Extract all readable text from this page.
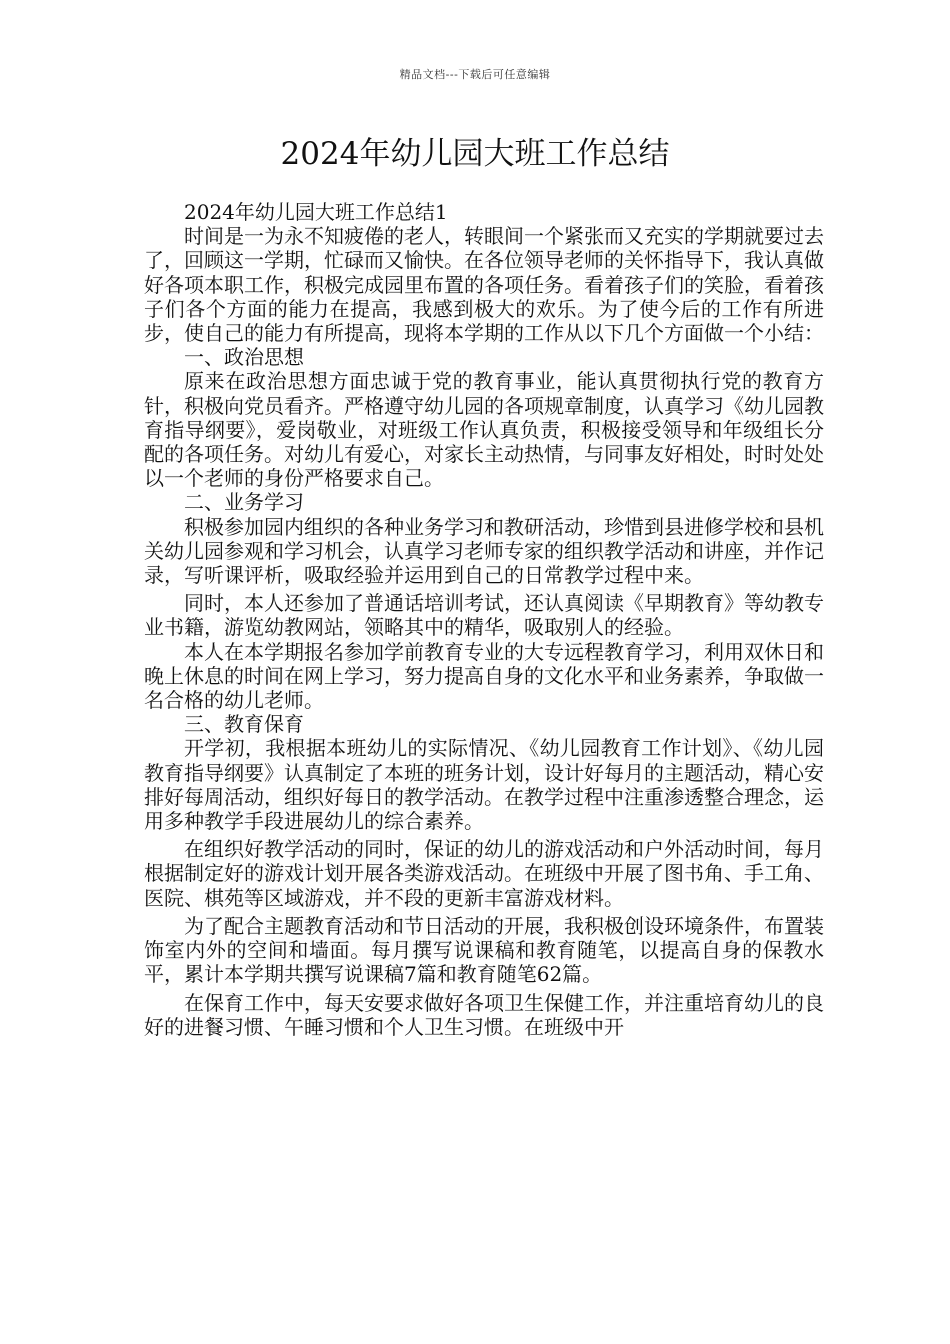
精品文档---下载后可任意编辑
2024年幼儿园大班工作总结

2024年幼儿园大班工作总结1

时间是一为永不知疲倦的老人，转眼间一个紧张而又充实的学期就要过去了，回顾这一学期，忙碌而又愉快。在各位领导老师的关怀指导下，我认真做好各项本职工作，积极完成园里布置的各项任务。看着孩子们的笑脸，看着孩子们各个方面的能力在提高，我感到极大的欢乐。为了使今后的工作有所进步，使自己的能力有所提高，现将本学期的工作从以下几个方面做一个小结：

一、政治思想

原来在政治思想方面忠诚于党的教育事业，能认真贯彻执行党的教育方针，积极向党员看齐。严格遵守幼儿园的各项规章制度，认真学习《幼儿园教育指导纲要》，爱岗敬业，对班级工作认真负责，积极接受领导和年级组长分配的各项任务。对幼儿有爱心，对家长主动热情，与同事友好相处，时时处处以一个老师的身份严格要求自己。

二、业务学习

积极参加园内组织的各种业务学习和教研活动，珍惜到县进修学校和县机关幼儿园参观和学习机会，认真学习老师专家的组织教学活动和讲座，并作记录，写听课评析，吸取经验并运用到自己的日常教学过程中来。

同时，本人还参加了普通话培训考试，还认真阅读《早期教育》等幼教专业书籍，游览幼教网站，领略其中的精华，吸取别人的经验。

本人在本学期报名参加学前教育专业的大专远程教育学习，利用双休日和晚上休息的时间在网上学习，努力提高自身的文化水平和业务素养，争取做一名合格的幼儿老师。

三、教育保育

开学初，我根据本班幼儿的实际情况、《幼儿园教育工作计划》、《幼儿园教育指导纲要》认真制定了本班的班务计划，设计好每月的主题活动，精心安排好每周活动，组织好每日的教学活动。在教学过程中注重渗透整合理念，运用多种教学手段进展幼儿的综合素养。

在组织好教学活动的同时，保证的幼儿的游戏活动和户外活动时间，每月根据制定好的游戏计划开展各类游戏活动。在班级中开展了图书角、手工角、医院、棋苑等区域游戏，并不段的更新丰富游戏材料。

为了配合主题教育活动和节日活动的开展，我积极创设环境条件，布置装饰室内外的空间和墙面。每月撰写说课稿和教育随笔，以提高自身的保教水平，累计本学期共撰写说课稿7篇和教育随笔62篇。

在保育工作中，每天安要求做好各项卫生保健工作，并注重培育幼儿的良好的进餐习惯、午睡习惯和个人卫生习惯。在班级中开
